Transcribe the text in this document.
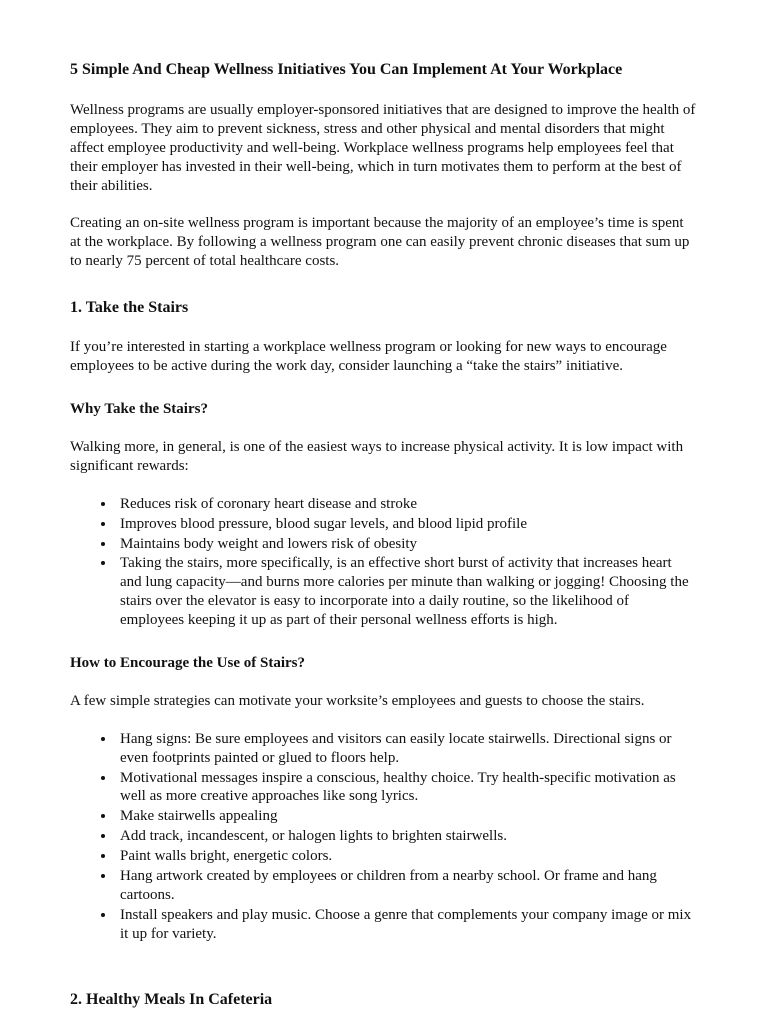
5 Simple And Cheap Wellness Initiatives You Can Implement At Your Workplace

Wellness programs are usually employer-sponsored initiatives that are designed to improve the health of employees. They aim to prevent sickness, stress and other physical and mental disorders that might affect employee productivity and well-being. Workplace wellness programs help employees feel that their employer has invested in their well-being, which in turn motivates them to perform at the best of their abilities.

Creating an on-site wellness program is important because the majority of an employee’s time is spent at the workplace. By following a wellness program one can easily prevent chronic diseases that sum up to nearly 75 percent of total healthcare costs.

1. Take the Stairs

If you’re interested in starting a workplace wellness program or looking for new ways to encourage employees to be active during the work day, consider launching a “take the stairs” initiative.

Why Take the Stairs?

Walking more, in general, is one of the easiest ways to increase physical activity. It is low impact with significant rewards:

• Reduces risk of coronary heart disease and stroke
• Improves blood pressure, blood sugar levels, and blood lipid profile
• Maintains body weight and lowers risk of obesity
• Taking the stairs, more specifically, is an effective short burst of activity that increases heart and lung capacity—and burns more calories per minute than walking or jogging! Choosing the stairs over the elevator is easy to incorporate into a daily routine, so the likelihood of employees keeping it up as part of their personal wellness efforts is high.
How to Encourage the Use of Stairs?

A few simple strategies can motivate your worksite’s employees and guests to choose the stairs.

• Hang signs: Be sure employees and visitors can easily locate stairwells. Directional signs or even footprints painted or glued to floors help.
• Motivational messages inspire a conscious, healthy choice. Try health-specific motivation as well as more creative approaches like song lyrics.
• Make stairwells appealing
• Add track, incandescent, or halogen lights to brighten stairwells.
• Paint walls bright, energetic colors.
• Hang artwork created by employees or children from a nearby school. Or frame and hang cartoons.
• Install speakers and play music. Choose a genre that complements your company image or mix it up for variety.
2. Healthy Meals In Cafeteria
